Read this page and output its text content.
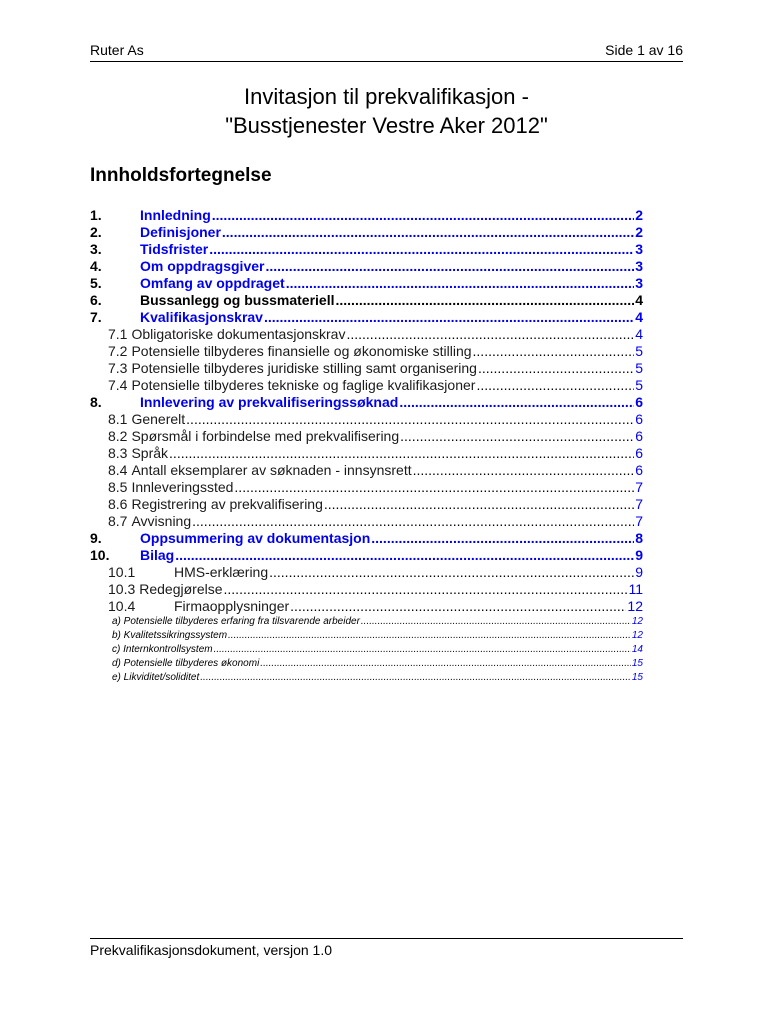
Ruter As	Side 1 av 16
Invitasjon til prekvalifikasjon -
"Busstjenester Vestre Aker 2012"
Innholdsfortegnelse
1.	Innledning .....	2
2.	Definisjoner .....	2
3.	Tidsfrister .....	3
4.	Om oppdragsgiver .....	3
5.	Omfang av oppdraget .....	3
6.	Bussanlegg og bussmateriell .....	4
7.	Kvalifikasjonskrav .....	4
7.1 Obligatoriske dokumentasjonskrav .....	4
7.2 Potensielle tilbyderes finansielle og økonomiske stilling .....	5
7.3 Potensielle tilbyderes juridiske stilling samt organisering .....	5
7.4 Potensielle tilbyderes tekniske og faglige kvalifikasjoner .....	5
8.	Innlevering av prekvalifiseringssøknad .....	6
8.1 Generelt .....	6
8.2 Spørsmål i forbindelse med prekvalifisering .....	6
8.3 Språk .....	6
8.4 Antall eksemplarer av søknaden - innsynsrett .....	6
8.5 Innleveringssted .....	7
8.6 Registrering av prekvalifisering .....	7
8.7 Avvisning .....	7
9.	Oppsummering av dokumentasjon .....	8
10.	Bilag .....	9
10.1	HMS-erklæring .....	9
10.3 Redegjørelse .....	11
10.4	Firmaopplysninger .....	12
a) Potensielle tilbyderes erfaring fra tilsvarende arbeider .....	12
b) Kvalitetssikringssystem .....	12
c) Internkontrollsystem .....	14
d) Potensielle tilbyderes økonomi .....	15
e) Likviditet/soliditet .....	15
Prekvalifikasjonsdokument, versjon 1.0
